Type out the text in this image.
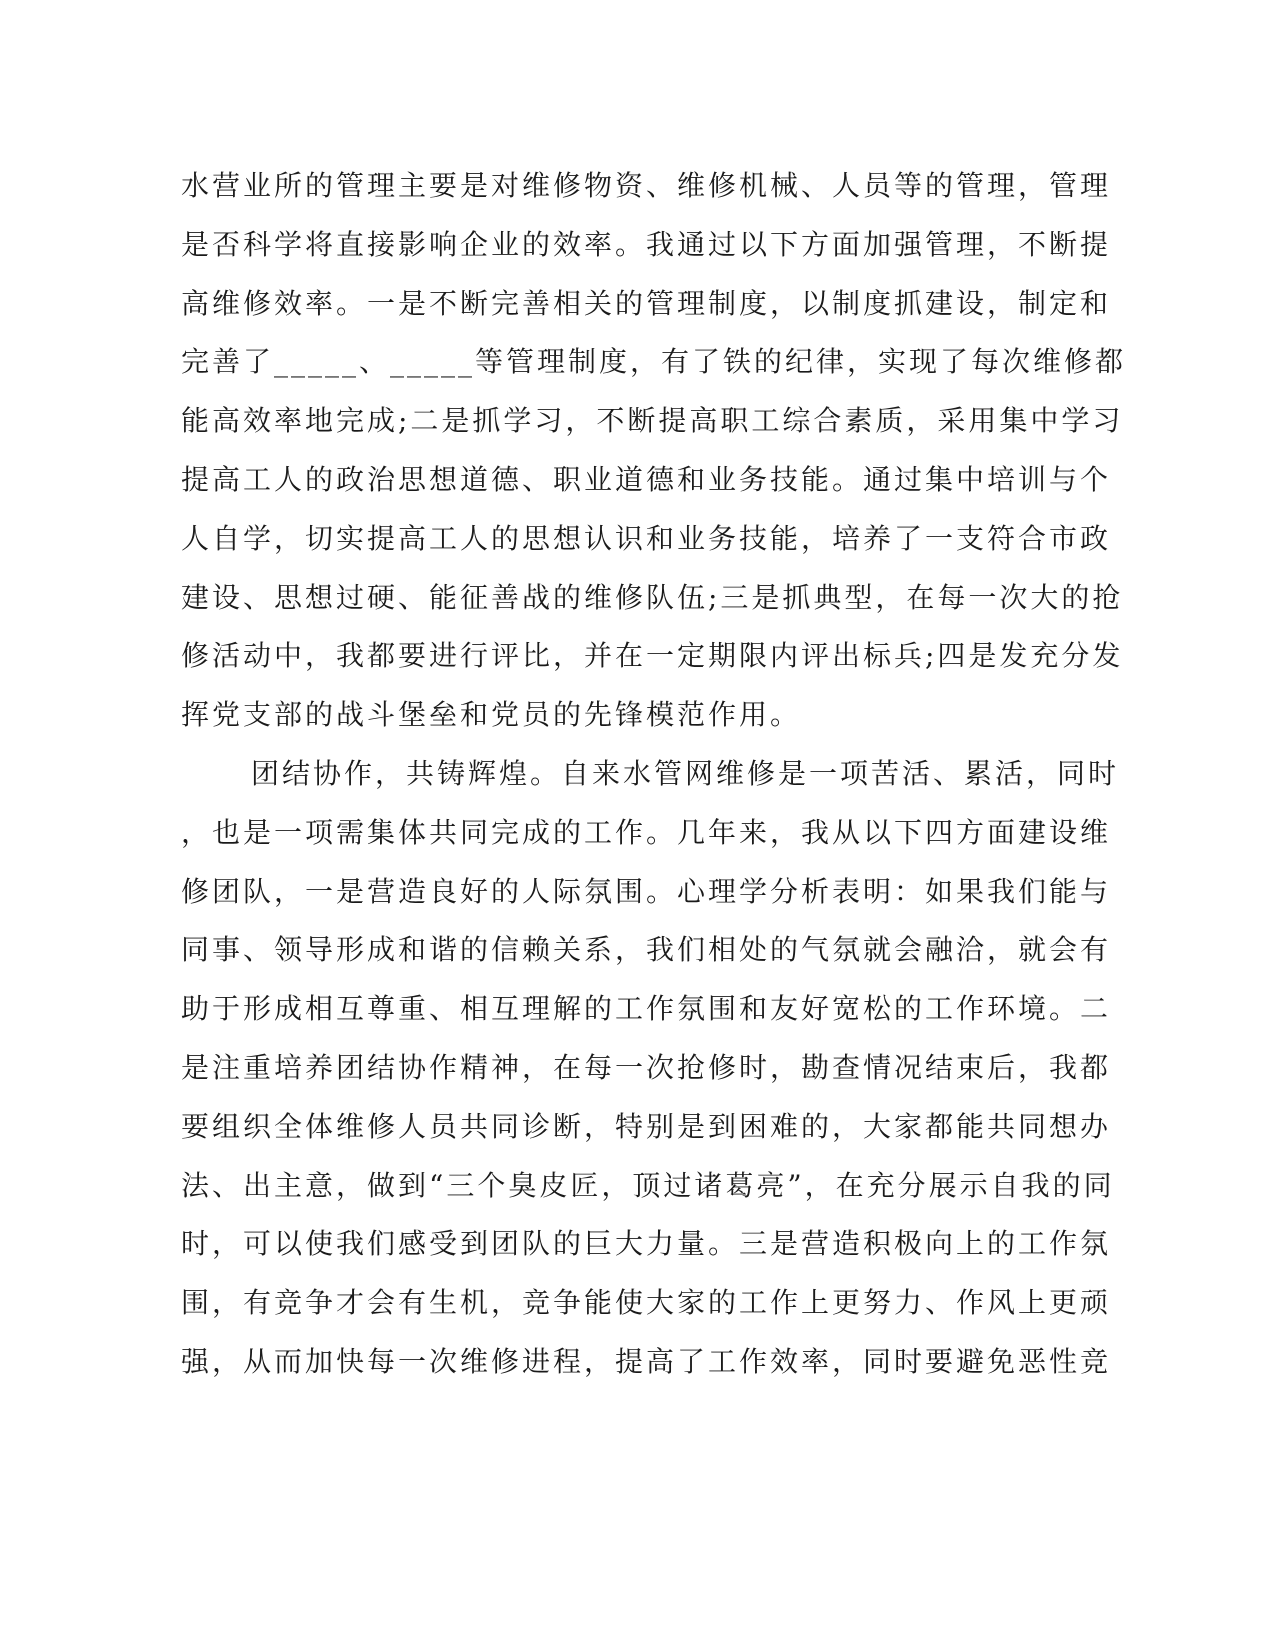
水营业所的管理主要是对维修物资、维修机械、人员等的管理，管理
是否科学将直接影响企业的效率。我通过以下方面加强管理，不断提
高维修效率。一是不断完善相关的管理制度，以制度抓建设，制定和
完善了_____、_____等管理制度，有了铁的纪律，实现了每次维修都
能高效率地完成;二是抓学习，不断提高职工综合素质，采用集中学习
提高工人的政治思想道德、职业道德和业务技能。通过集中培训与个
人自学，切实提高工人的思想认识和业务技能，培养了一支符合市政
建设、思想过硬、能征善战的维修队伍;三是抓典型，在每一次大的抢
修活动中，我都要进行评比，并在一定期限内评出标兵;四是发充分发
挥党支部的战斗堡垒和党员的先锋模范作用。
团结协作，共铸辉煌。自来水管网维修是一项苦活、累活，同时
，也是一项需集体共同完成的工作。几年来，我从以下四方面建设维
修团队，一是营造良好的人际氛围。心理学分析表明：如果我们能与
同事、领导形成和谐的信赖关系，我们相处的气氛就会融洽，就会有
助于形成相互尊重、相互理解的工作氛围和友好宽松的工作环境。二
是注重培养团结协作精神，在每一次抢修时，勘查情况结束后，我都
要组织全体维修人员共同诊断，特别是到困难的，大家都能共同想办
法、出主意，做到“三个臭皮匠，顶过诸葛亮”，在充分展示自我的同
时，可以使我们感受到团队的巨大力量。三是营造积极向上的工作氛
围，有竞争才会有生机，竞争能使大家的工作上更努力、作风上更顽
强，从而加快每一次维修进程，提高了工作效率，同时要避免恶性竞
